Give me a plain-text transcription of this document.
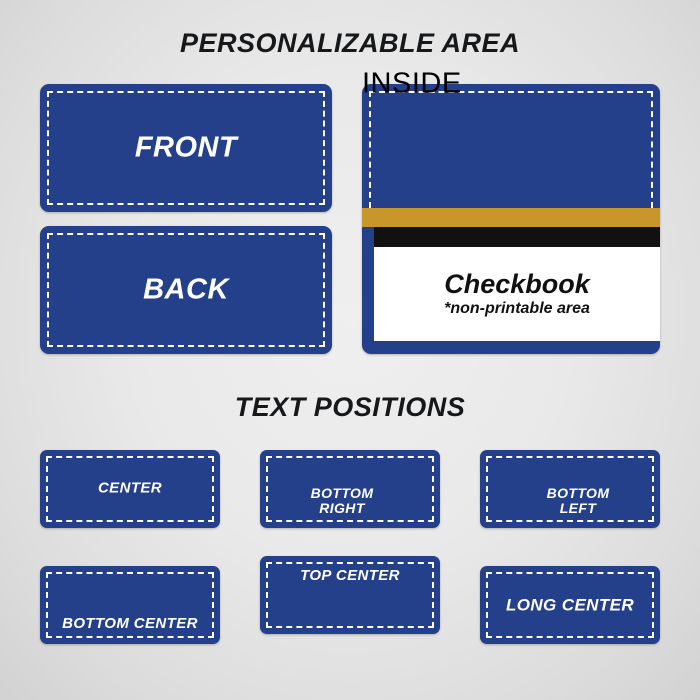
PERSONALIZABLE AREA
FRONT
BACK
INSIDE
Checkbook
*non-printable area
TEXT POSITIONS
CENTER	BOTTOM
RIGHT
BOTTOM
LEFT
BOTTOM CENTER
TOP CENTER
LONG CENTER
